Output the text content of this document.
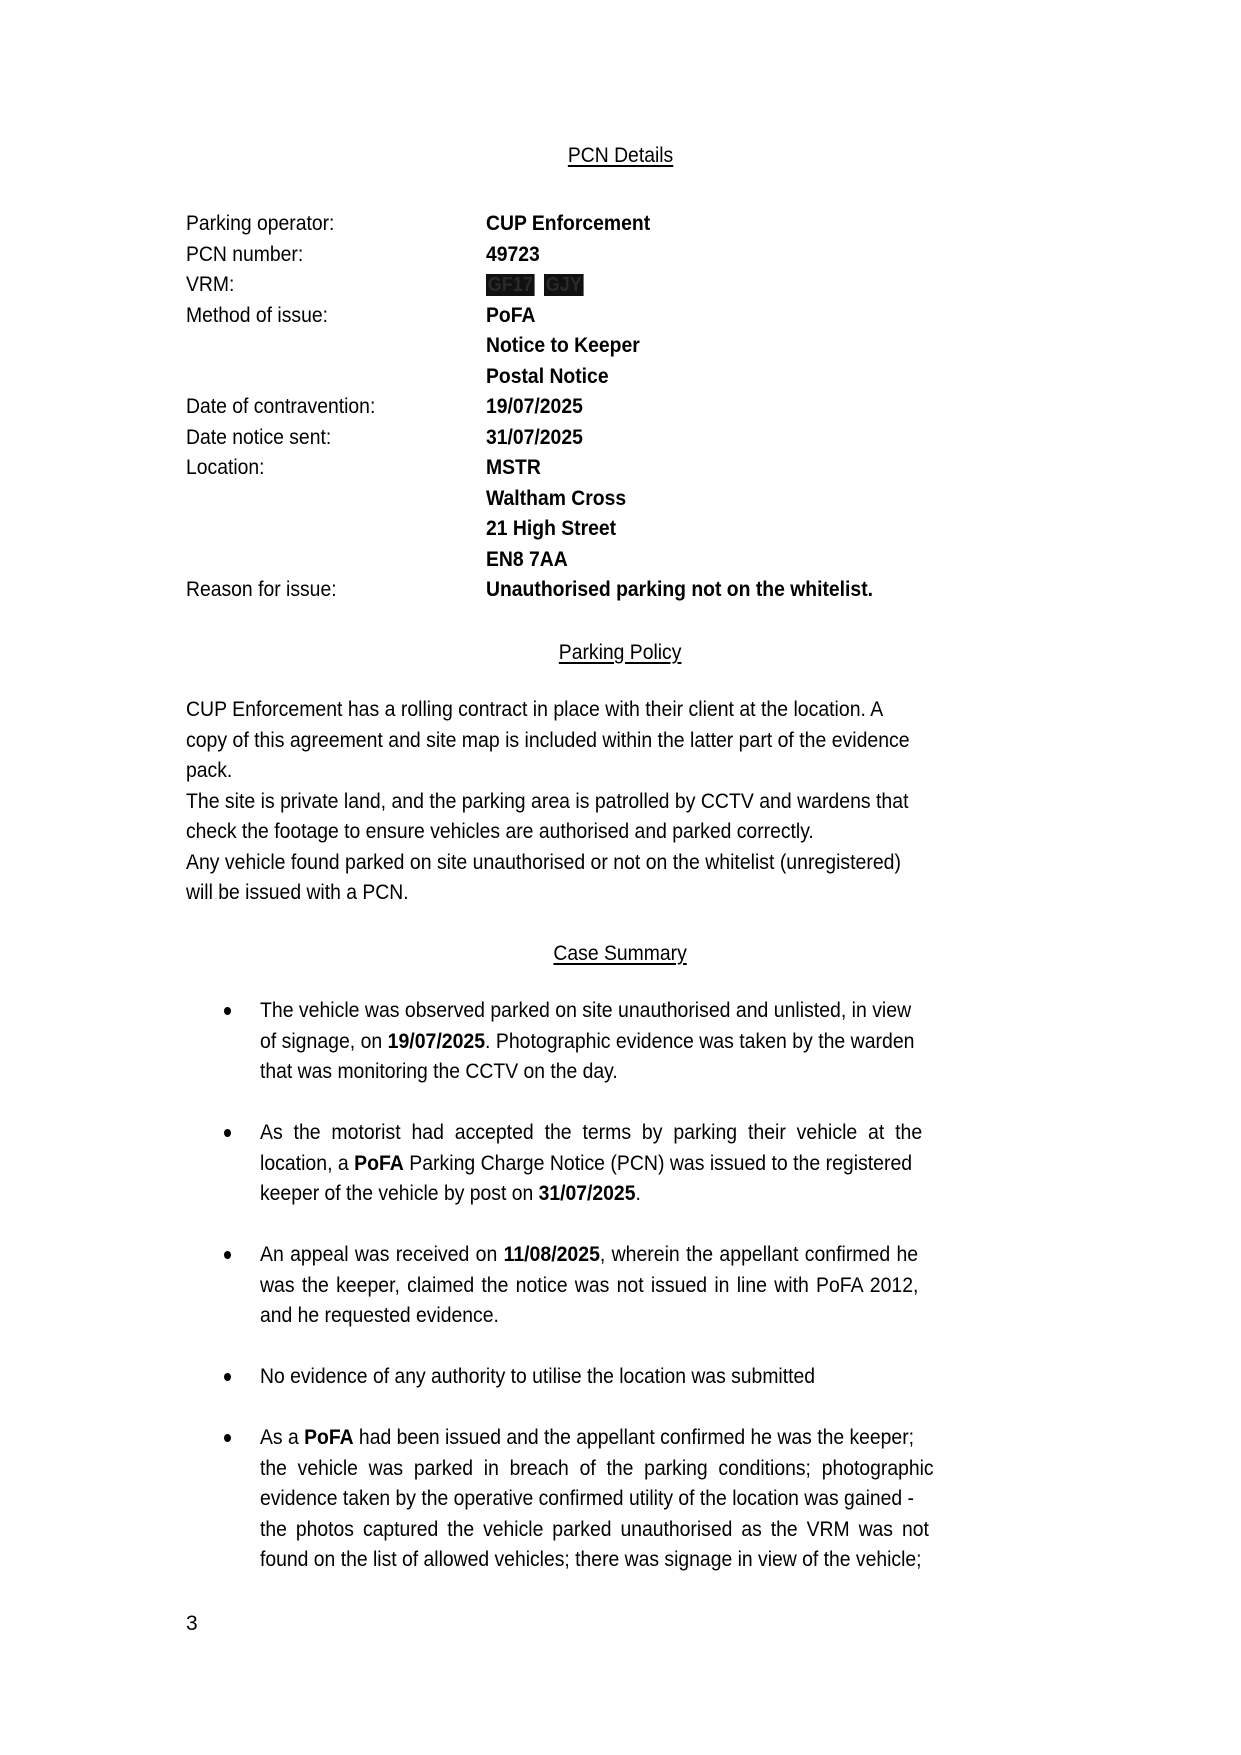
PCN Details
Parking operator:	CUP Enforcement
PCN number:	49723
VRM:	GF17 GJY
Method of issue:	PoFA
Notice to Keeper
Postal Notice
Date of contravention:	19/07/2025
Date notice sent:	31/07/2025
Location:	MSTR
Waltham Cross
21 High Street
EN8 7AA
Reason for issue:	Unauthorised parking not on the whitelist.
Parking Policy
CUP Enforcement has a rolling contract in place with their client at the location. A
copy of this agreement and site map is included within the latter part of the evidence
pack.
The site is private land, and the parking area is patrolled by CCTV and wardens that
check the footage to ensure vehicles are authorised and parked correctly.
Any vehicle found parked on site unauthorised or not on the whitelist (unregistered)
will be issued with a PCN.
Case Summary
The vehicle was observed parked on site unauthorised and unlisted, in view
of signage, on 19/07/2025. Photographic evidence was taken by the warden
that was monitoring the CCTV on the day.
As the motorist had accepted the terms by parking their vehicle at the
location, a PoFA Parking Charge Notice (PCN) was issued to the registered
keeper of the vehicle by post on 31/07/2025.
An appeal was received on 11/08/2025, wherein the appellant confirmed he
was the keeper, claimed the notice was not issued in line with PoFA 2012,
and he requested evidence.
No evidence of any authority to utilise the location was submitted
As a PoFA had been issued and the appellant confirmed he was the keeper;
the vehicle was parked in breach of the parking conditions; photographic
evidence taken by the operative confirmed utility of the location was gained -
the photos captured the vehicle parked unauthorised as the VRM was not
found on the list of allowed vehicles; there was signage in view of the vehicle;
3
